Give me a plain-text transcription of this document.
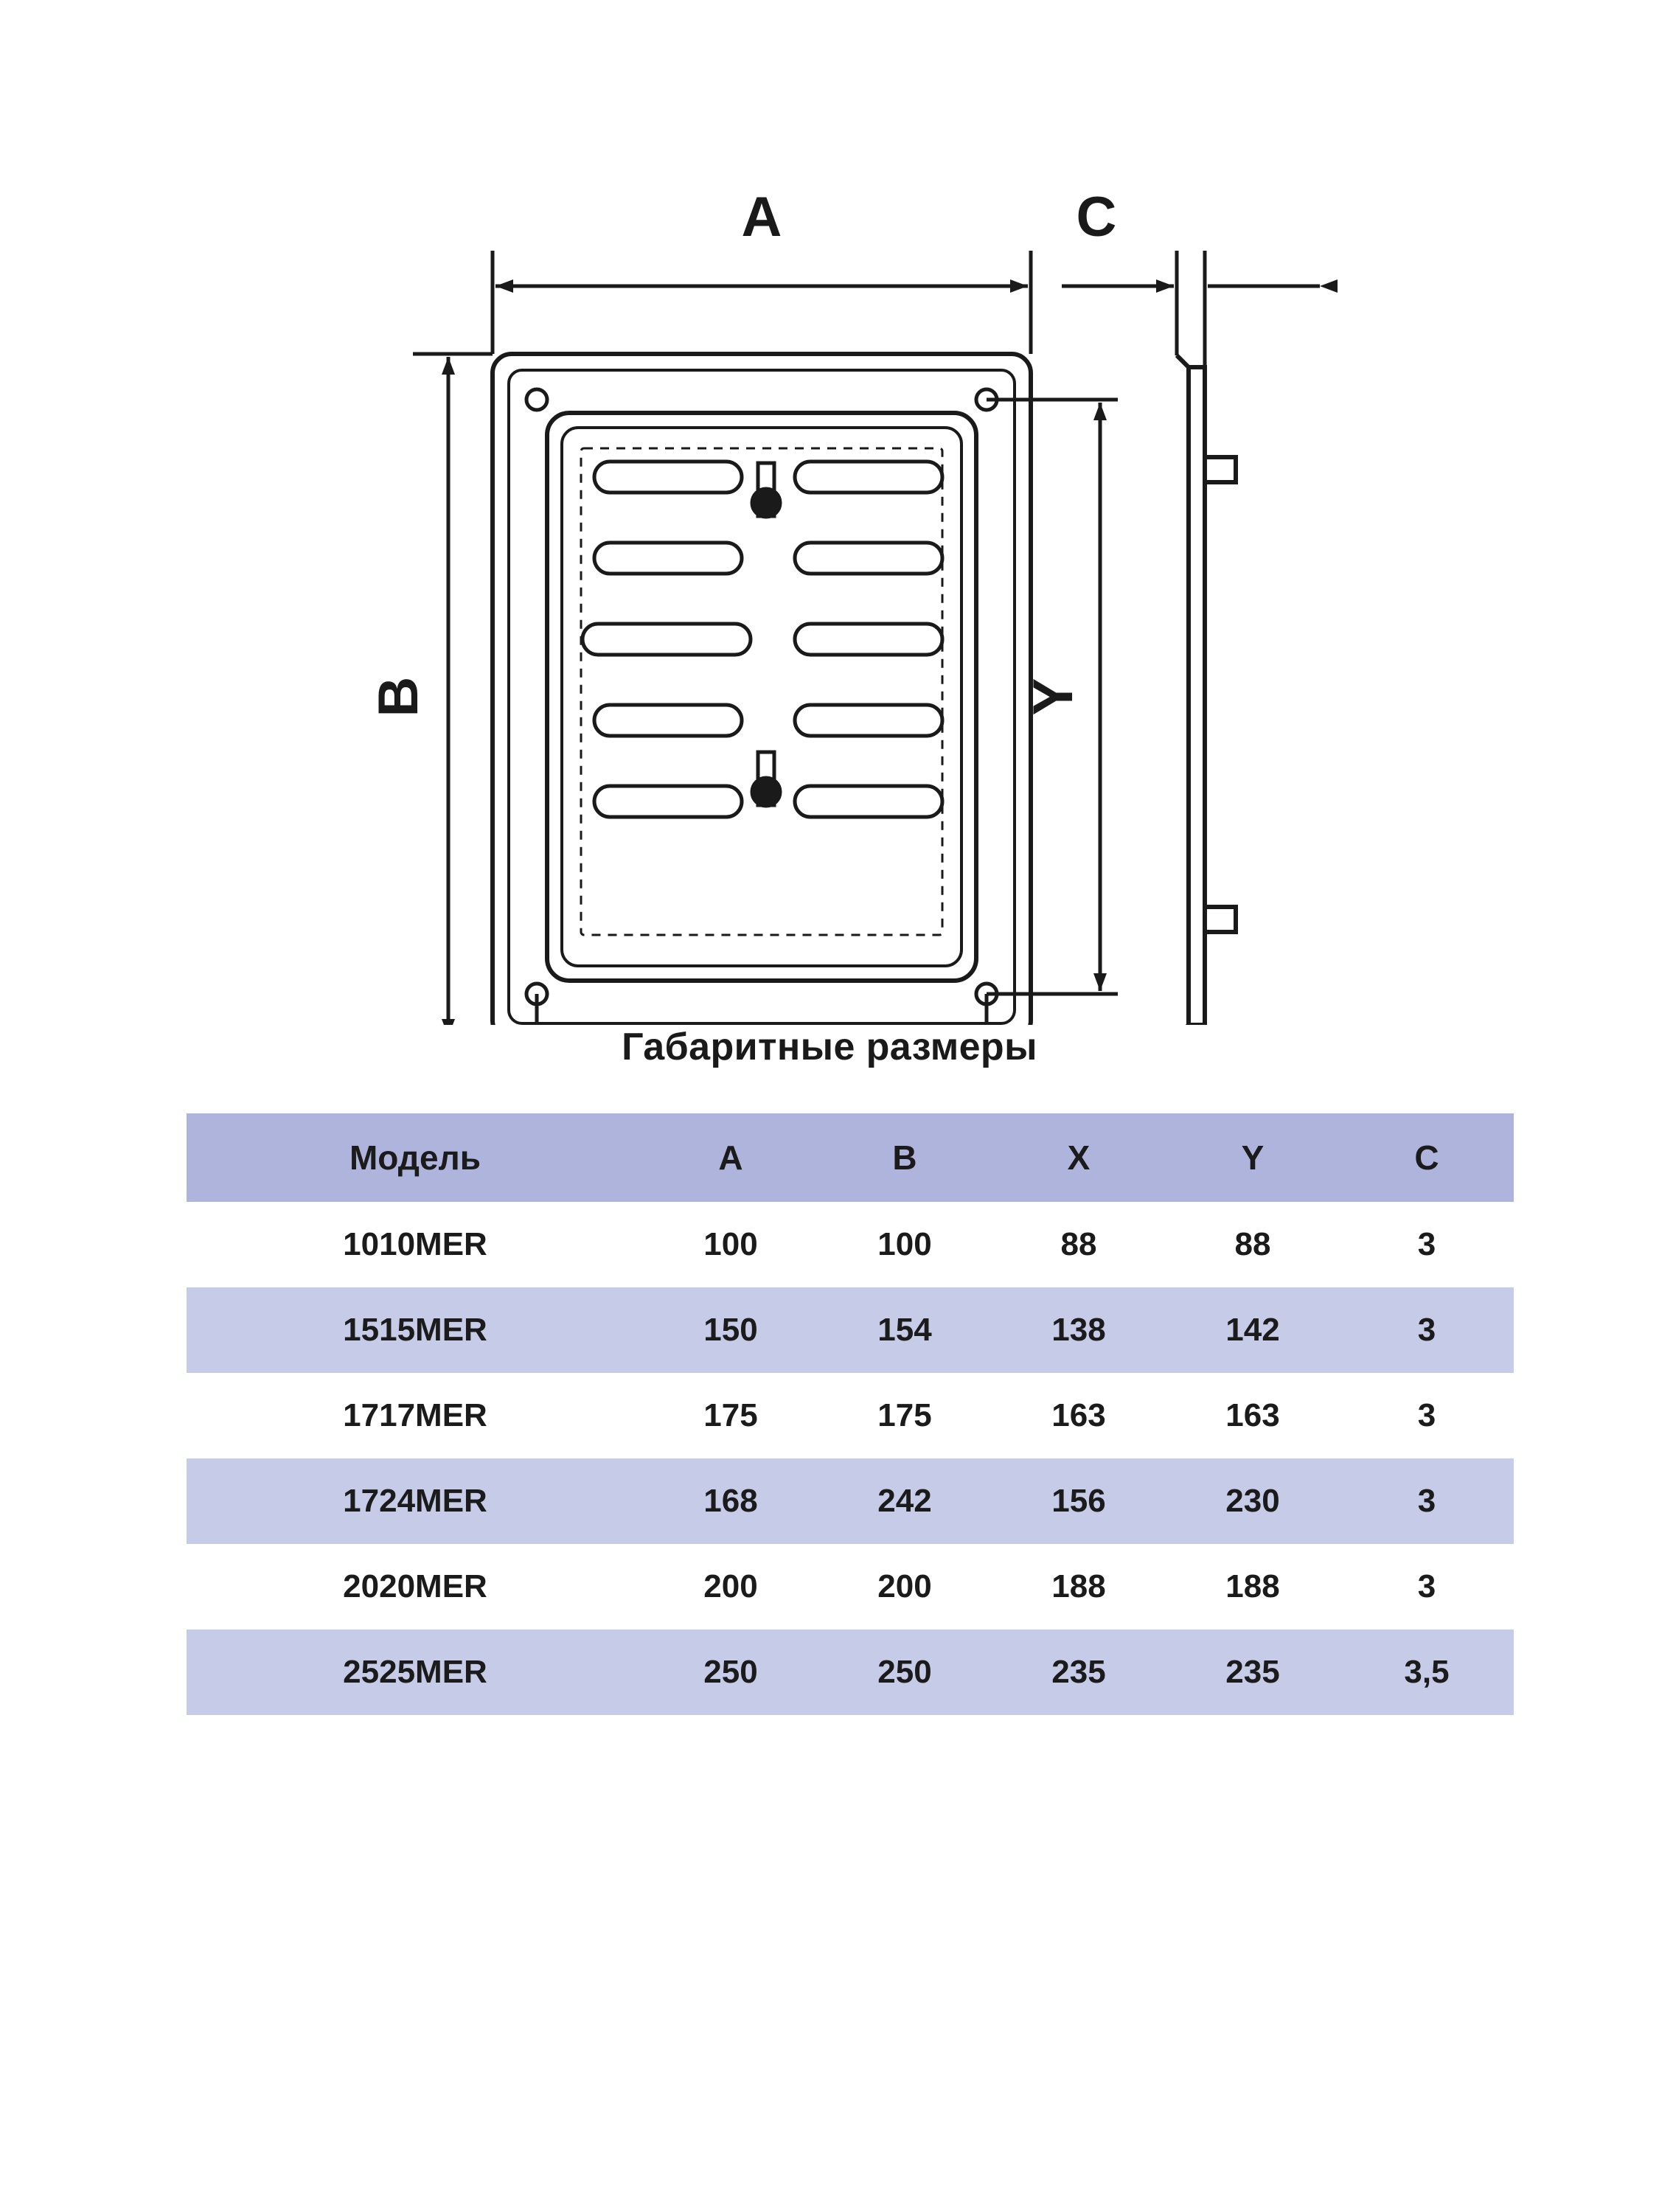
A	C
B	Y
Габаритные размеры
Модель	A	B	X	Y	C
1010MER	100	100	88	88	3
1515MER	150	154	138	142	3
1717MER	175	175	163	163	3
1724MER	168	242	156	230	3
2020MER	200	200	188	188	3
2525MER	250	250	235	235	3,5
